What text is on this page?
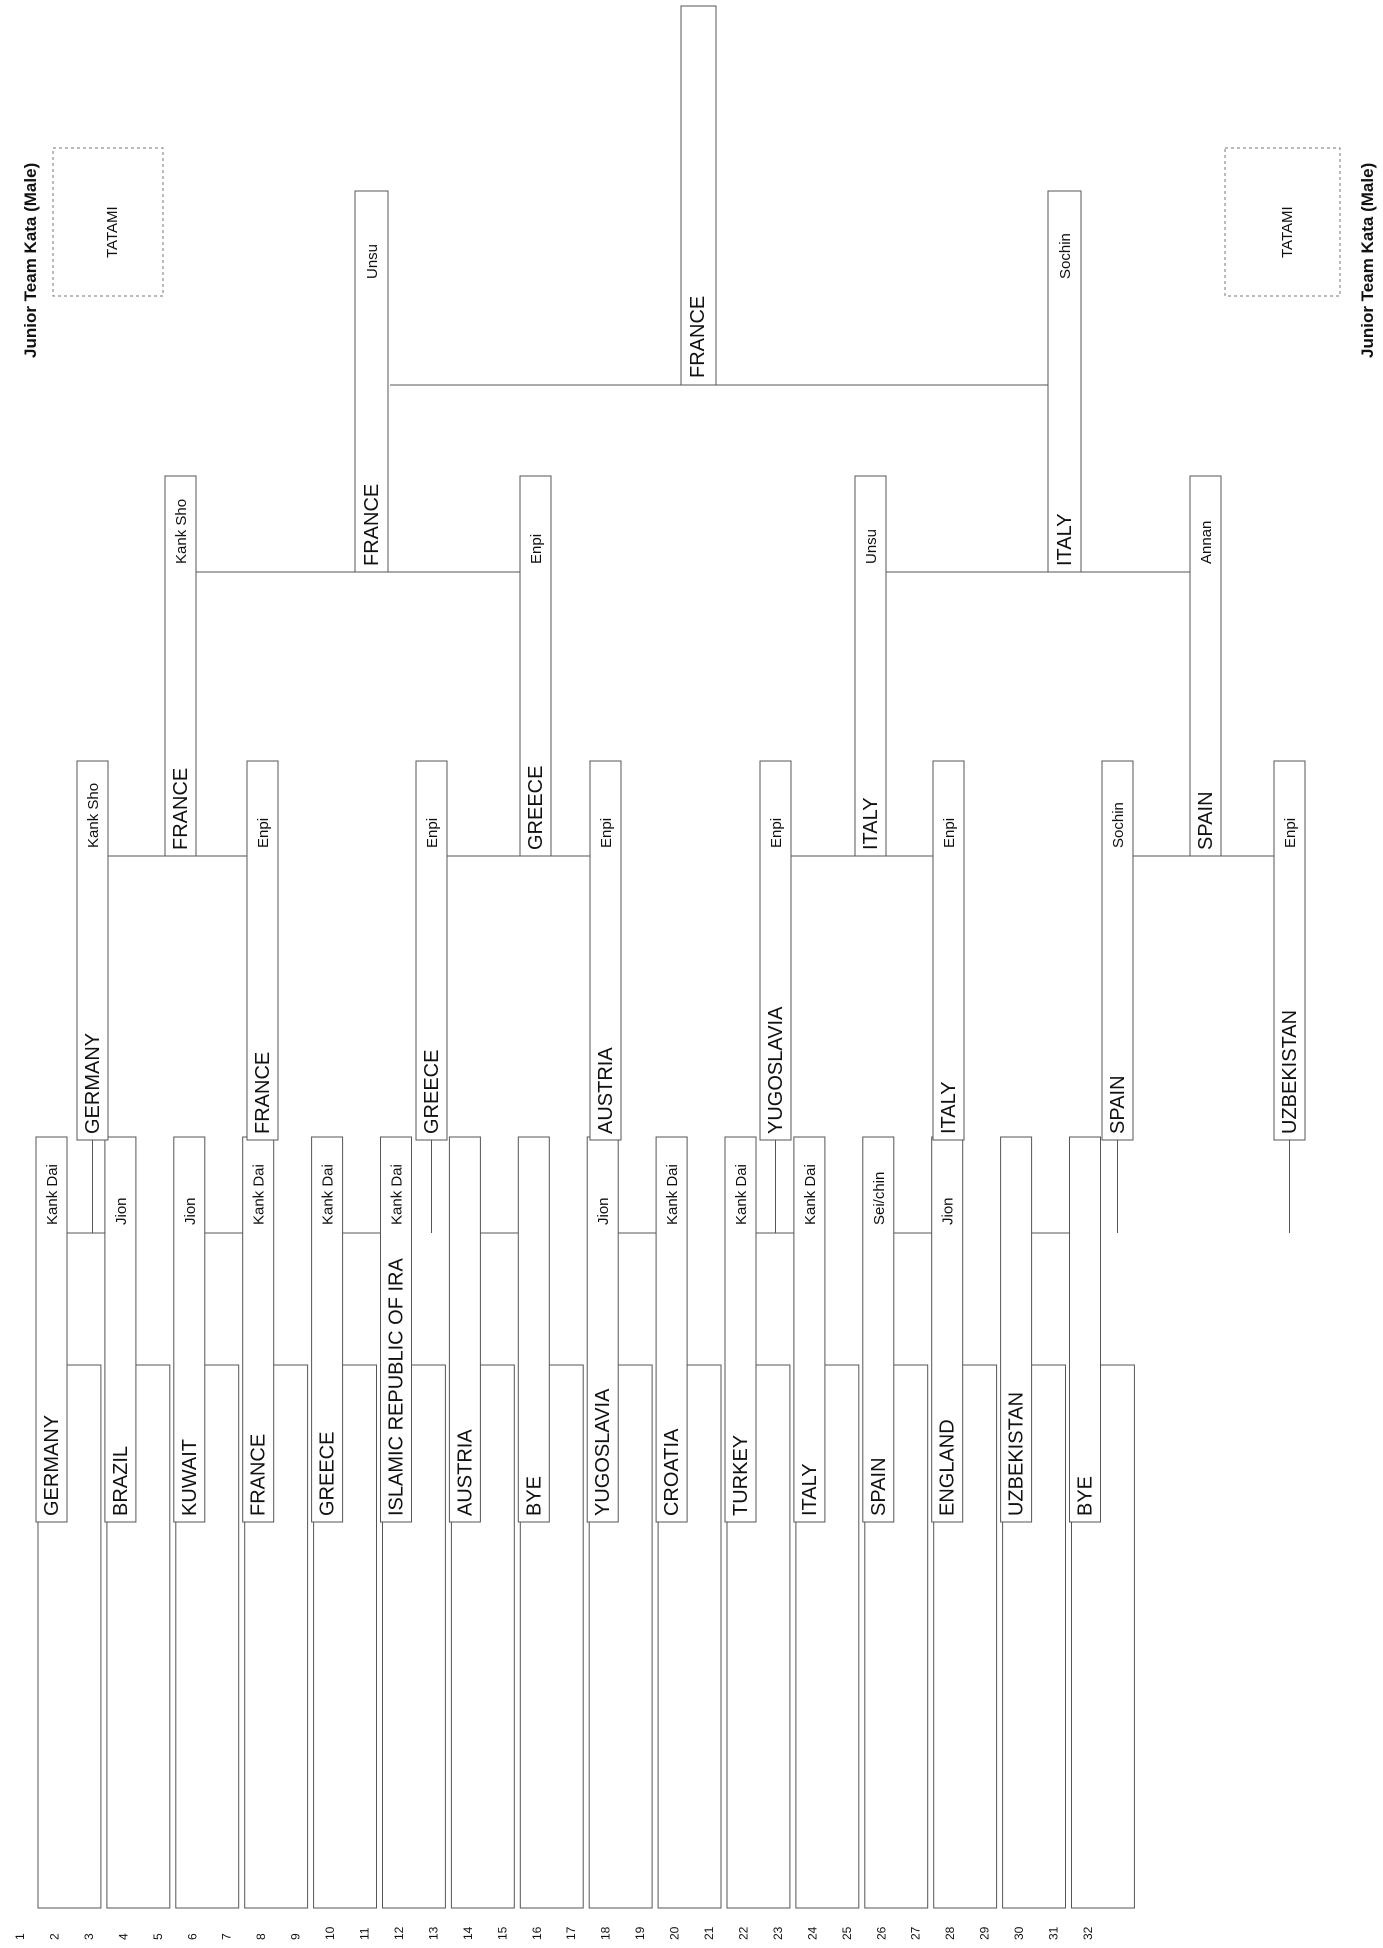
1 2 3 4 5 6 7 8 9 10 11 12 13 14 15 16 17 18 19 20 21 22 23 24 25 26 27 28 29 30 31 32
GERMANY
Kank Dai
BRAZIL
Jion
KUWAIT
Jion
FRANCE
Kank Dai
GREECE
Kank Dai
ISLAMIC REPUBLIC OF IRA
Kank Dai
AUSTRIA BYE YUGOSLAVIA
Jion
CROATIA
Kank Dai
TURKEY
Kank Dai
ITALY
Kank Dai
SPAIN
Sei/chin
ENGLAND
Jion
UZBEKISTAN BYE
GERMANY
Kank Sho
FRANCE
Enpi
GREECE
Enpi
AUSTRIA
Enpi
YUGOSLAVIA
Enpi
ITALY
Enpi
SPAIN
Sochin
UZBEKISTAN
Enpi
FRANCE
Kank Sho
GREECE
Enpi
ITALY
Unsu
SPAIN
Annan
FRANCE
Unsu
ITALY
Sochin
FRANCE
TATAMI	TATAMI
Junior Team Kata (Male)	Junior Team Kata (Male)
